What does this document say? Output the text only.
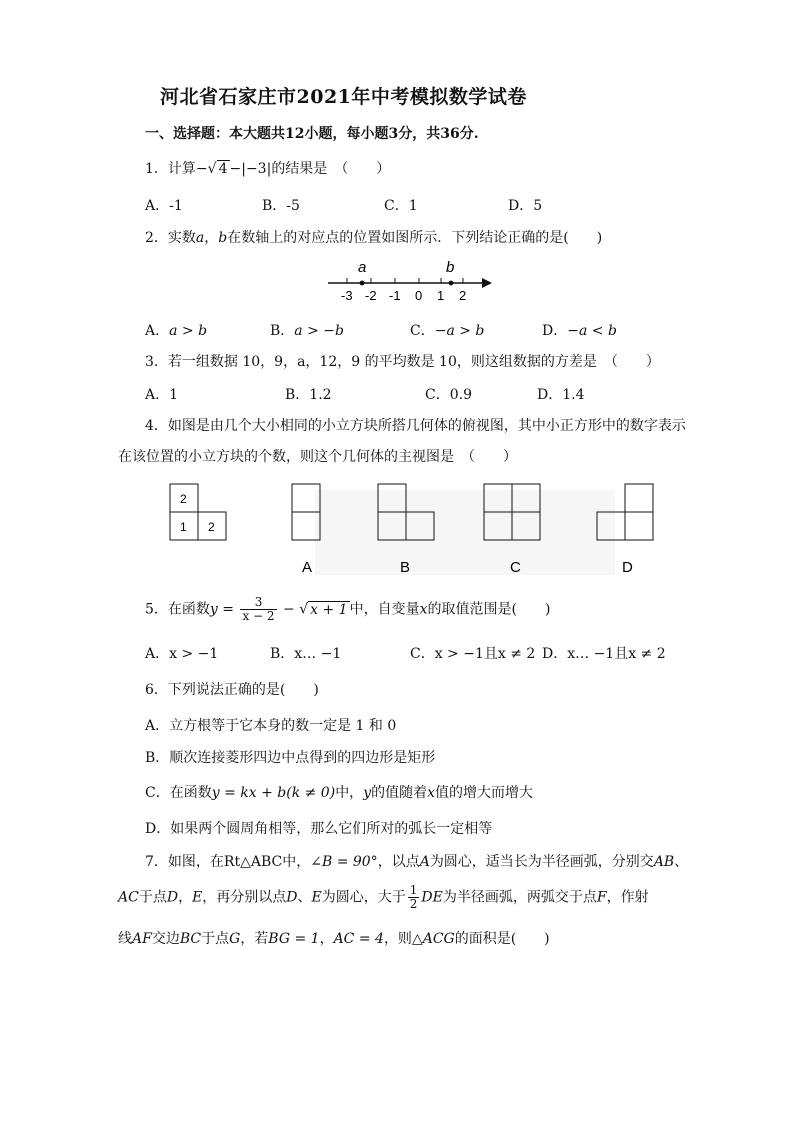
河北省石家庄市2021年中考模拟数学试卷
一、选择题：本大题共12小题，每小题3分，共36分.
1．计算−√ 4 −|−3|的结果是　（　　）
A．-1	B．-5	C．1	D．5
2．实数a，b在数轴上的对应点的位置如图所示．下列结论正确的是(　　)
a	b
-3 -2 -1 0 1 2
A．a > b	B．a > −b	C．−a > b	D．−a < b
3．若一组数据 10，9，a，12，9 的平均数是 10，则这组数据的方差是　（　　）
A．1	B．1.2	C．0.9	D．1.4
4．如图是由几个大小相同的小立方块所搭几何体的俯视图，其中小正方形中的数字表示
在该位置的小立方块的个数，则这个几何体的主视图是　（　　）
2
1 2
A	B	C	D
5．在函数$y = \frac{3}{x - 2}$ − √ x + 1 中，自变量x的取值范围是(　　)
A．x > −1	B．x… −1	C．x > −1且x ≠ 2 D．x… −1且x ≠ 2
6．下列说法正确的是(　　)
A．立方根等于它本身的数一定是 1 和 0
B．顺次连接菱形四边中点得到的四边形是矩形
C．在函数y = kx + b(k ≠ 0)中，y的值随着x值的增大而增大
D．如果两个圆周角相等，那么它们所对的弧长一定相等
7．如图，在Rt△ABC中，∠B = 90°，以点A为圆心，适当长为半径画弧，分别交AB、
AC于点D，E，再分别以点D、E为圆心，大于 $\frac{1}{2}$ DE为半径画弧，两弧交于点F，作射
线AF交边BC于点G，若BG = 1，AC = 4，则△ACG的面积是(　　)
